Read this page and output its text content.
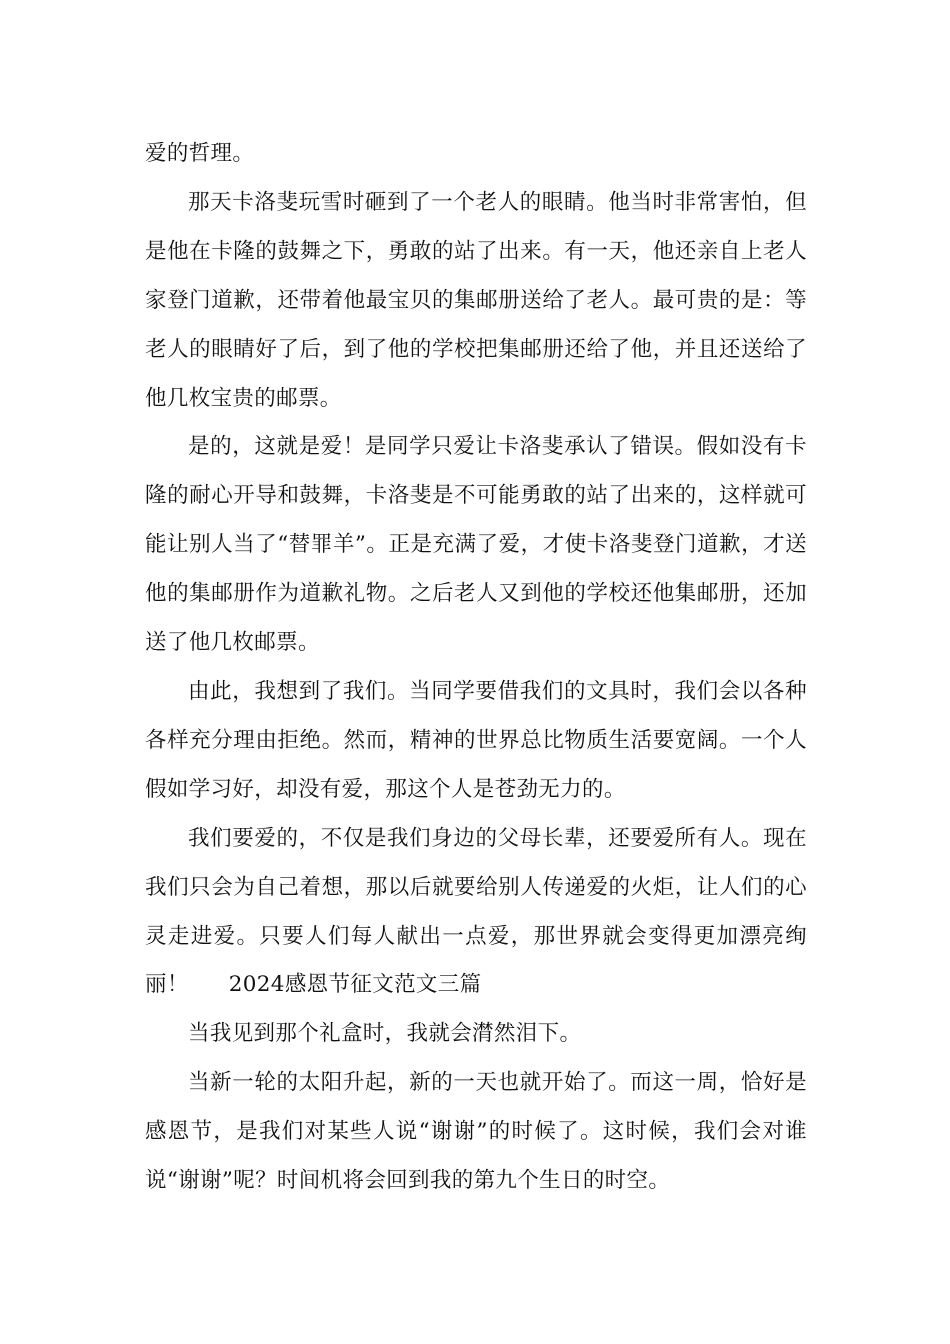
爱的哲理。

那天卡洛斐玩雪时砸到了一个老人的眼睛。他当时非常害怕，但是他在卡隆的鼓舞之下，勇敢的站了出来。有一天，他还亲自上老人家登门道歉，还带着他最宝贝的集邮册送给了老人。最可贵的是：等老人的眼睛好了后，到了他的学校把集邮册还给了他，并且还送给了他几枚宝贵的邮票。

是的，这就是爱！是同学只爱让卡洛斐承认了错误。假如没有卡隆的耐心开导和鼓舞，卡洛斐是不可能勇敢的站了出来的，这样就可能让别人当了“替罪羊”。正是充满了爱，才使卡洛斐登门道歉，才送他的集邮册作为道歉礼物。之后老人又到他的学校还他集邮册，还加送了他几枚邮票。

由此，我想到了我们。当同学要借我们的文具时，我们会以各种各样充分理由拒绝。然而，精神的世界总比物质生活要宽阔。一个人假如学习好，却没有爱，那这个人是苍劲无力的。

我们要爱的，不仅是我们身边的父母长辈，还要爱所有人。现在我们只会为自己着想，那以后就要给别人传递爱的火炬，让人们的心灵走进爱。只要人们每人献出一点爱，那世界就会变得更加漂亮绚丽！ 2024感恩节征文范文三篇

当我见到那个礼盒时，我就会潸然泪下。

当新一轮的太阳升起，新的一天也就开始了。而这一周，恰好是感恩节，是我们对某些人说“谢谢”的时候了。这时候，我们会对谁说“谢谢”呢？时间机将会回到我的第九个生日的时空。
